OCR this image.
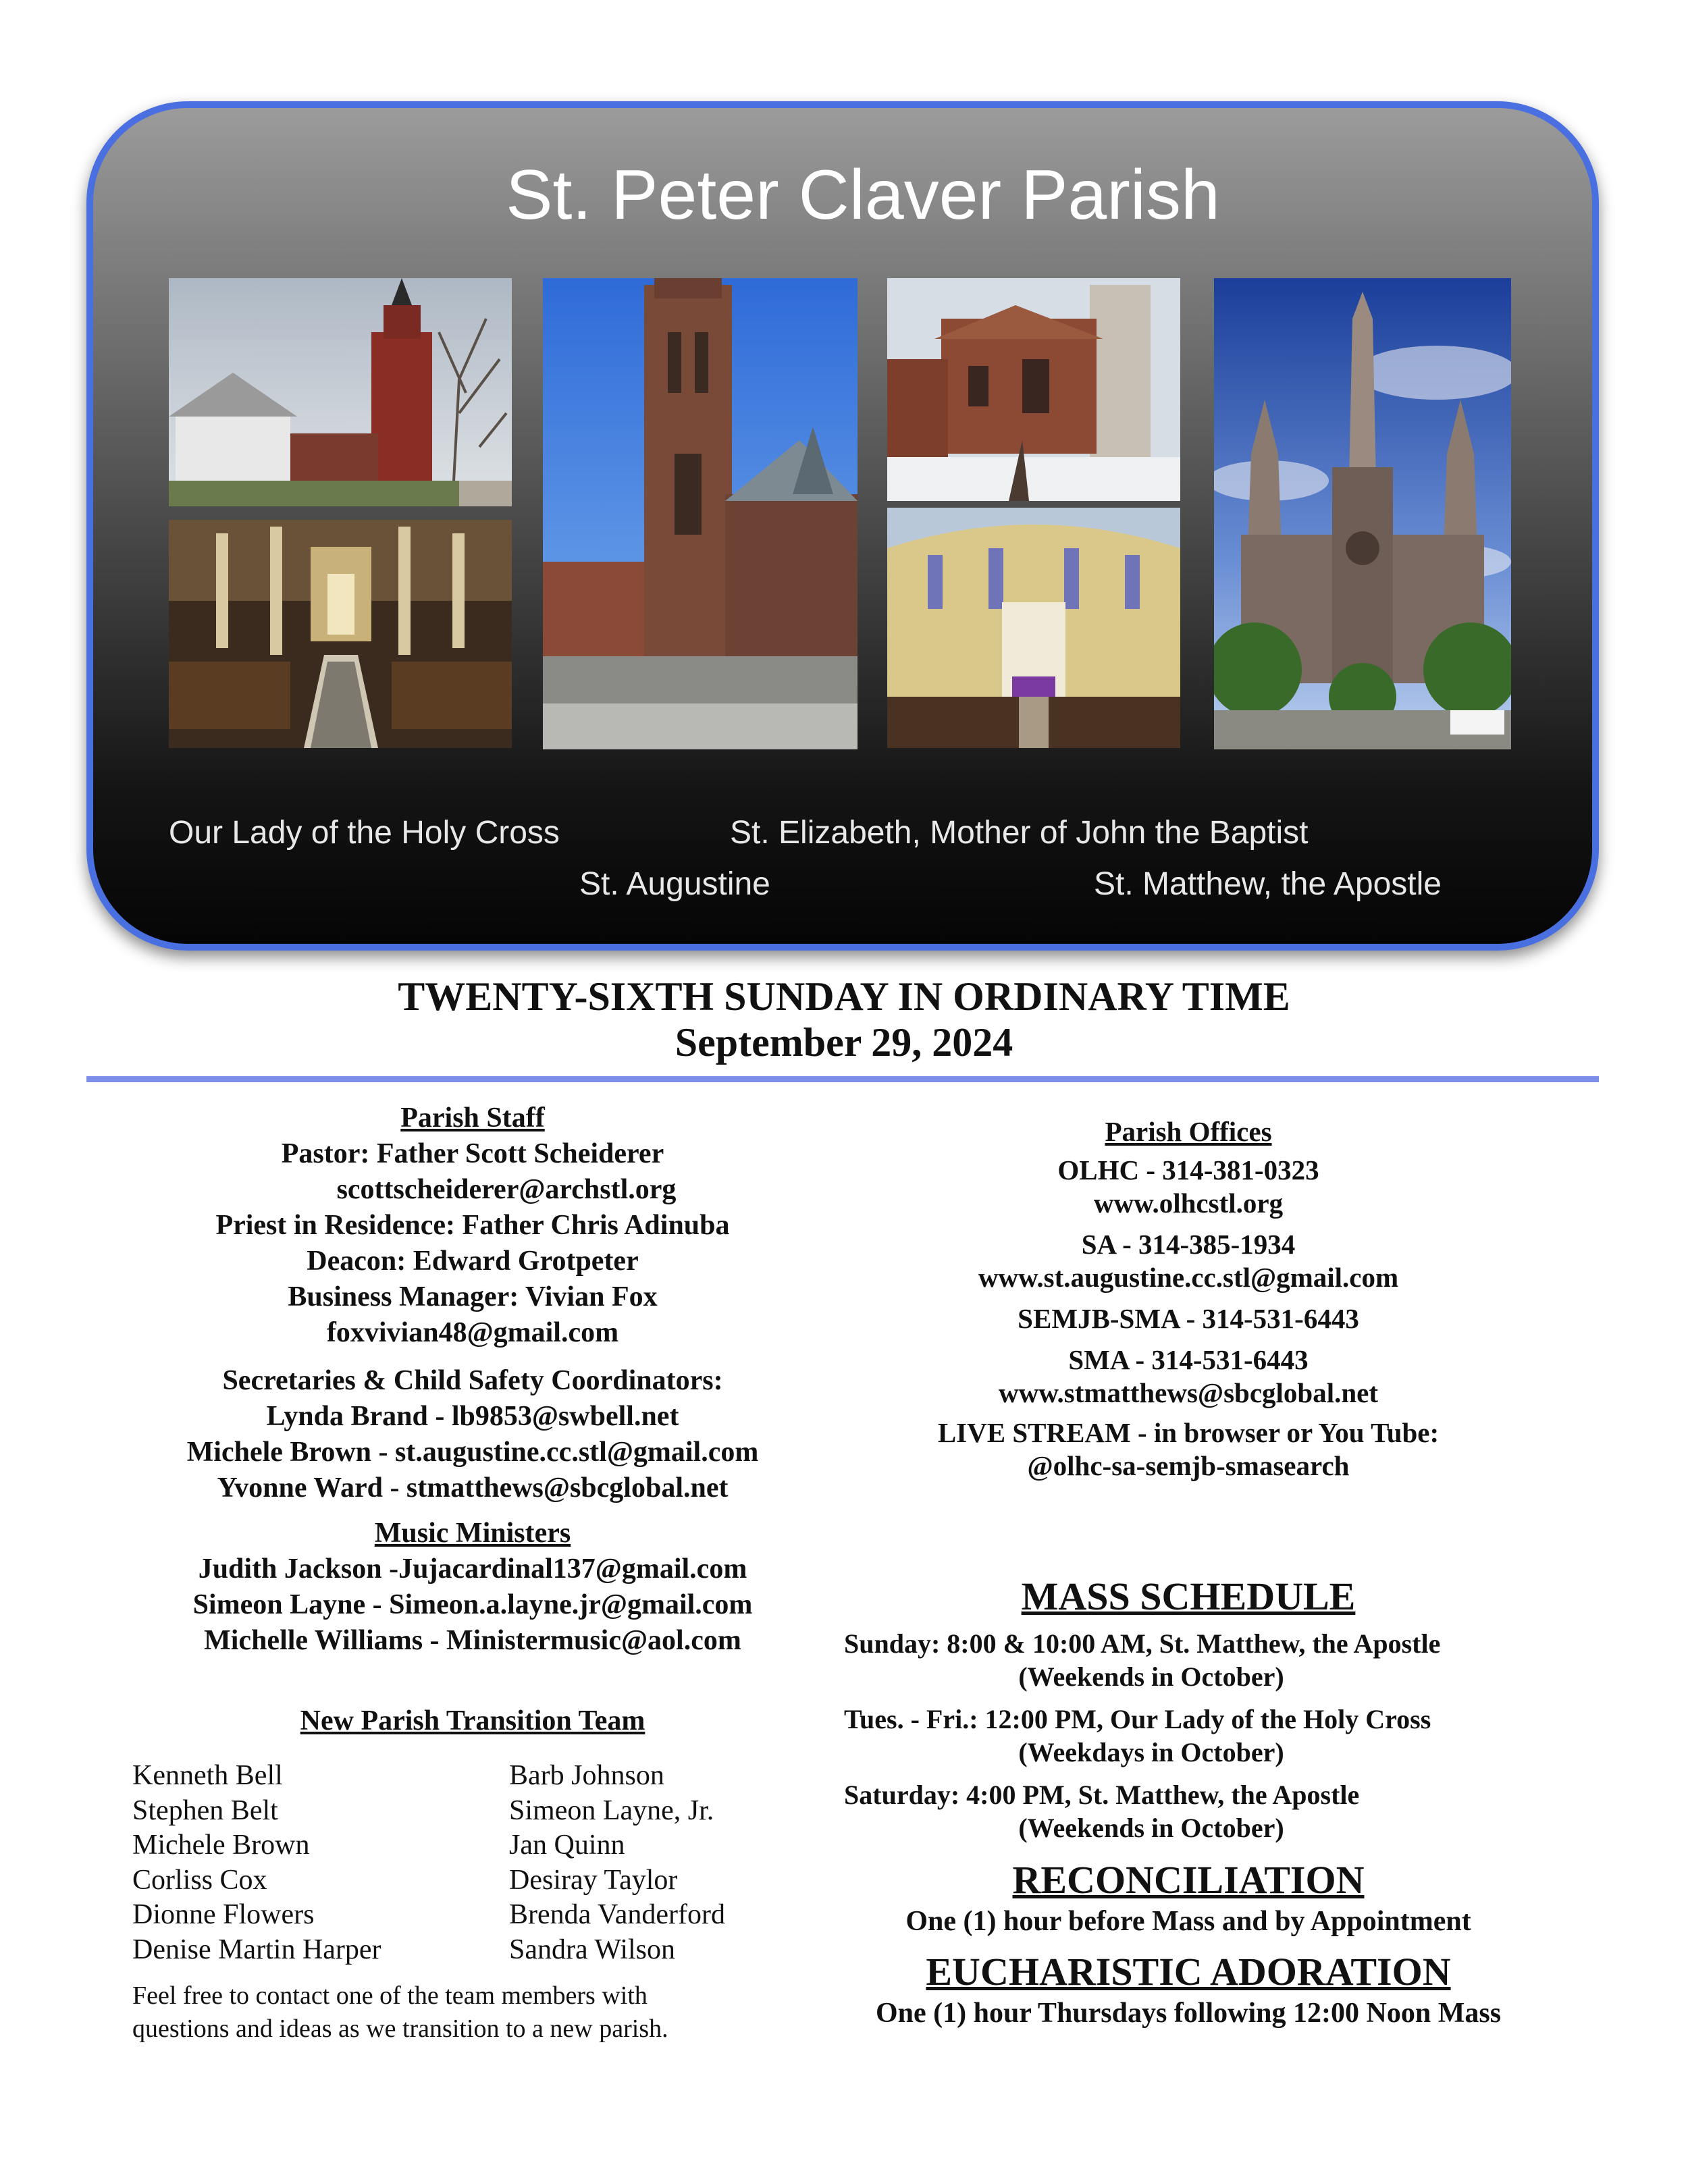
St. Peter Claver Parish
Our Lady of the Holy Cross	St. Elizabeth, Mother of John the Baptist
St. Augustine	St. Matthew, the Apostle
TWENTY-SIXTH SUNDAY IN ORDINARY TIME
September 29, 2024
Parish Staff
Pastor: Father Scott Scheiderer
scottscheiderer@archstl.org
Priest in Residence: Father Chris Adinuba
Deacon: Edward Grotpeter
Business Manager: Vivian Fox
foxvivian48@gmail.com
Secretaries & Child Safety Coordinators:
Lynda Brand - lb9853@swbell.net
Michele Brown - st.augustine.cc.stl@gmail.com
Yvonne Ward - stmatthews@sbcglobal.net
Music Ministers
Judith Jackson -Jujacardinal137@gmail.com
Simeon Layne - Simeon.a.layne.jr@gmail.com
Michelle Williams - Ministermusic@aol.com
New Parish Transition Team
Kenneth Bell
Stephen Belt
Michele Brown
Corliss Cox
Dionne Flowers
Denise Martin Harper
Barb Johnson
Simeon Layne, Jr.
Jan Quinn
Desiray Taylor
Brenda Vanderford
Sandra Wilson
Feel free to contact one of the team members with
questions and ideas as we transition to a new parish.
Parish Offices
OLHC - 314-381-0323
www.olhcstl.org
SA - 314-385-1934
www.st.augustine.cc.stl@gmail.com
SEMJB-SMA - 314-531-6443
SMA - 314-531-6443
www.stmatthews@sbcglobal.net
LIVE STREAM - in browser or You Tube:
@olhc-sa-semjb-smasearch
MASS SCHEDULE
Sunday: 8:00 & 10:00 AM, St. Matthew, the Apostle
(Weekends in October)
Tues. - Fri.: 12:00 PM, Our Lady of the Holy Cross
(Weekdays in October)
Saturday: 4:00 PM, St. Matthew, the Apostle
(Weekends in October)
RECONCILIATION
One (1) hour before Mass and by Appointment
EUCHARISTIC ADORATION
One (1) hour Thursdays following 12:00 Noon Mass
